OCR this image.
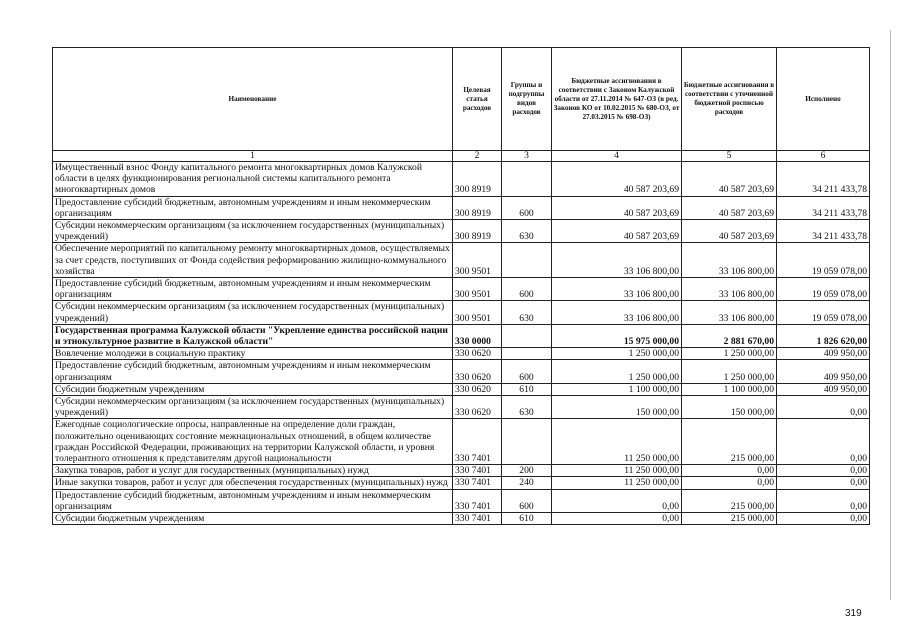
Наименование	Целевая статья расходов	Группы и подгруппы видов расходов	Бюджетные ассигнования в соответствии с Законом Калужской области от 27.11.2014 № 647-ОЗ (в ред. Законов КО от 10.02.2015 № 680-ОЗ, от 27.03.2015 № 698-ОЗ)	Бюджетные ассигнования в соответствии с уточненной бюджетной росписью расходов	Исполнено
1	2	3	4	5	6
Имущественный взнос Фонду капитального ремонта многоквартирных домов Калужской области в целях функционирования региональной системы капитального ремонта многоквартирных домов	300 8919		40 587 203,69	40 587 203,69	34 211 433,78
Предоставление субсидий бюджетным, автономным учреждениям и иным некоммерческим организациям	300 8919	600	40 587 203,69	40 587 203,69	34 211 433,78
Субсидии некоммерческим организациям (за исключением государственных (муниципальных) учреждений)	300 8919	630	40 587 203,69	40 587 203,69	34 211 433,78
Обеспечение мероприятий по капитальному ремонту многоквартирных домов, осуществляемых за счет средств, поступивших от Фонда содействия реформированию жилищно-коммунального хозяйства	300 9501		33 106 800,00	33 106 800,00	19 059 078,00
Предоставление субсидий бюджетным, автономным учреждениям и иным некоммерческим организациям	300 9501	600	33 106 800,00	33 106 800,00	19 059 078,00
Субсидии некоммерческим организациям (за исключением государственных (муниципальных) учреждений)	300 9501	630	33 106 800,00	33 106 800,00	19 059 078,00
Государственная программа Калужской области "Укрепление единства российской нации и этнокультурное развитие в Калужской области"	330 0000		15 975 000,00	2 881 670,00	1 826 620,00
Вовлечение молодежи в социальную практику	330 0620		1 250 000,00	1 250 000,00	409 950,00
Предоставление субсидий бюджетным, автономным учреждениям и иным некоммерческим организациям	330 0620	600	1 250 000,00	1 250 000,00	409 950,00
Субсидии бюджетным учреждениям	330 0620	610	1 100 000,00	1 100 000,00	409 950,00
Субсидии некоммерческим организациям (за исключением государственных (муниципальных) учреждений)	330 0620	630	150 000,00	150 000,00	0,00
Ежегодные социологические опросы, направленные на определение доли граждан, положительно оценивающих состояние межнациональных отношений, в общем количестве граждан Российской Федерации, проживающих на территории Калужской области, и уровня толерантного отношения к представителям другой национальности	330 7401		11 250 000,00	215 000,00	0,00
Закупка товаров, работ и услуг для государственных (муниципальных) нужд	330 7401	200	11 250 000,00	0,00	0,00
Иные закупки товаров, работ и услуг для обеспечения государственных (муниципальных) нужд	330 7401	240	11 250 000,00	0,00	0,00
Предоставление субсидий бюджетным, автономным учреждениям и иным некоммерческим организациям	330 7401	600	0,00	215 000,00	0,00
Субсидии бюджетным учреждениям	330 7401	610	0,00	215 000,00	0,00
319
